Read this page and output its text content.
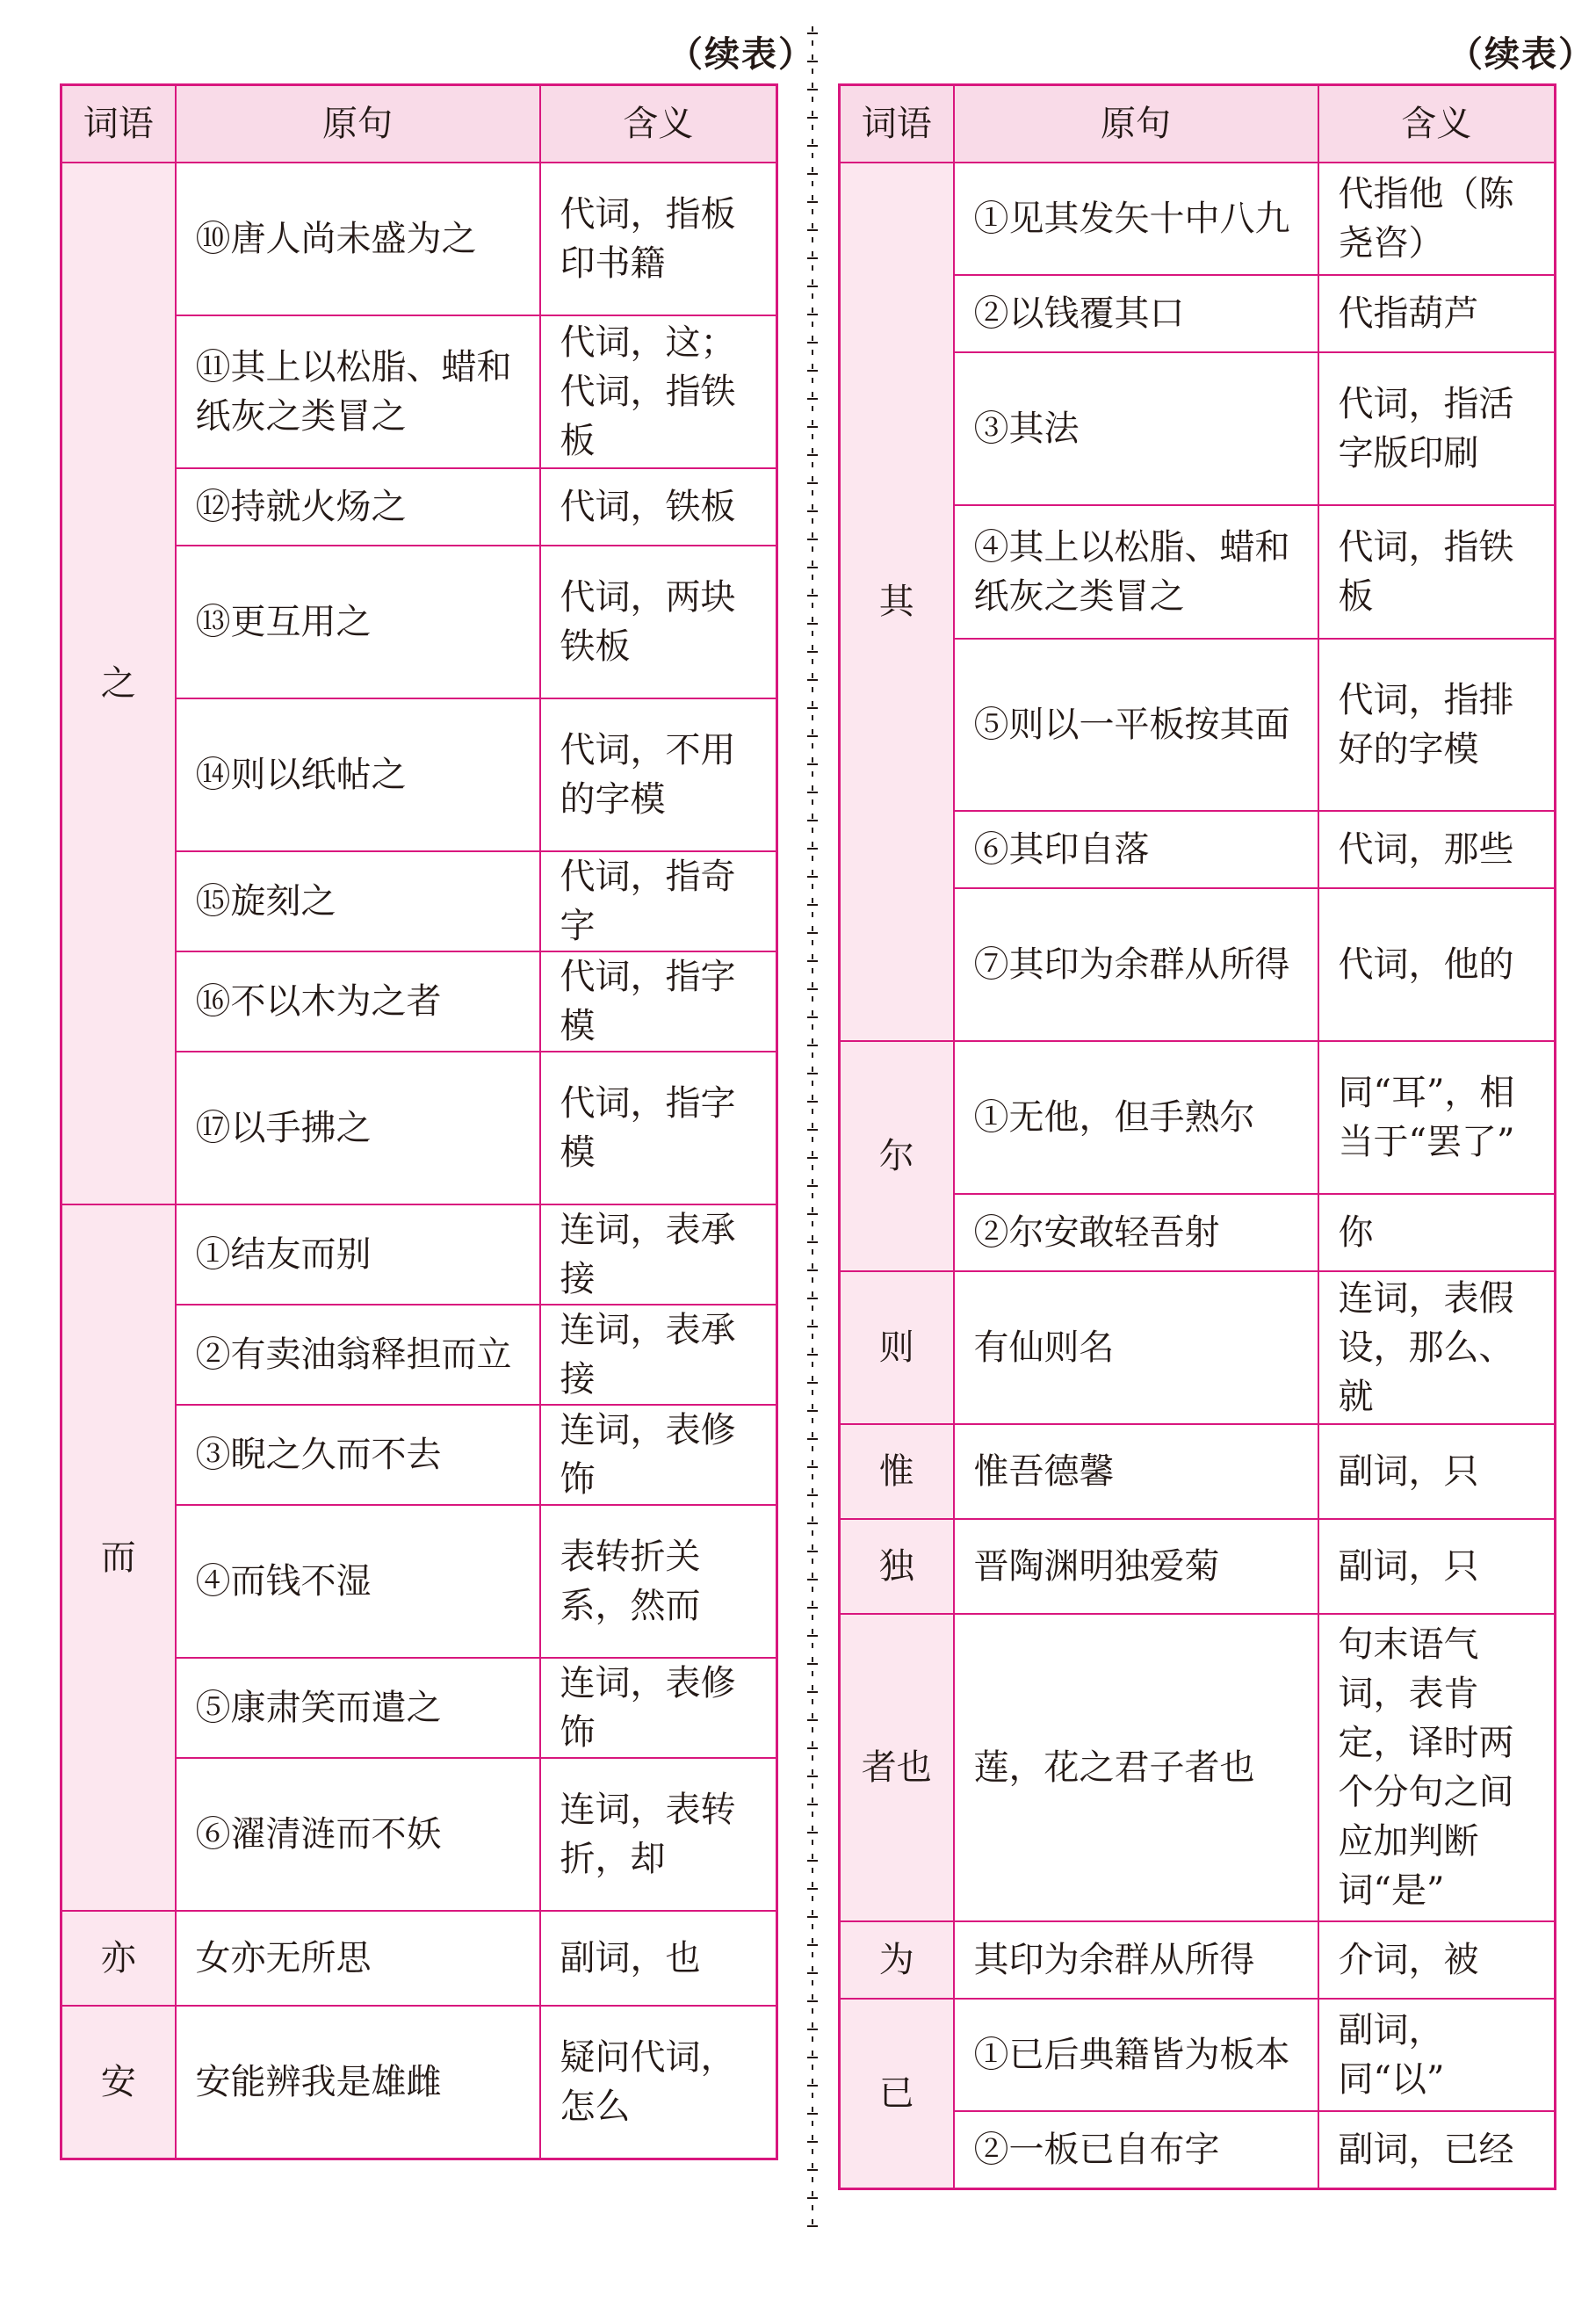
（续表）	（续表）
词语	原句	含义
之	⑩唐人尚未盛为之	代词，指板印书籍
	⑪其上以松脂、蜡和纸灰之类冒之	代词，这；代词，指铁板
	⑫持就火炀之	代词，铁板
	⑬更互用之	代词，两块铁板
	⑭则以纸帖之	代词，不用的字模
	⑮旋刻之	代词，指奇字
	⑯不以木为之者	代词，指字模
	⑰以手拂之	代词，指字模
而	①结友而别	连词，表承接
	②有卖油翁释担而立	连词，表承接
	③睨之久而不去	连词，表修饰
	④而钱不湿	表转折关系，然而
	⑤康肃笑而遣之	连词，表修饰
	⑥濯清涟而不妖	连词，表转折，却
亦	女亦无所思	副词，也
安	安能辨我是雄雌	疑问代词，怎么
词语	原句	含义
其	①见其发矢十中八九	代指他（陈尧咨）
	②以钱覆其口	代指葫芦
	③其法	代词，指活字版印刷
	④其上以松脂、蜡和纸灰之类冒之	代词，指铁板
	⑤则以一平板按其面	代词，指排好的字模
	⑥其印自落	代词，那些
	⑦其印为余群从所得	代词，他的
尔	①无他，但手熟尔	同“耳”，相当于“罢了”
	②尔安敢轻吾射	你
则	有仙则名	连词，表假设，那么、就
惟	惟吾德馨	副词，只
独	晋陶渊明独爱菊	副词，只
者也	莲，花之君子者也	句末语气词，表肯定，译时两个分句之间应加判断词“是”
为	其印为余群从所得	介词，被
已	①已后典籍皆为板本	副词，同“以”
	②一板已自布字	副词，已经
